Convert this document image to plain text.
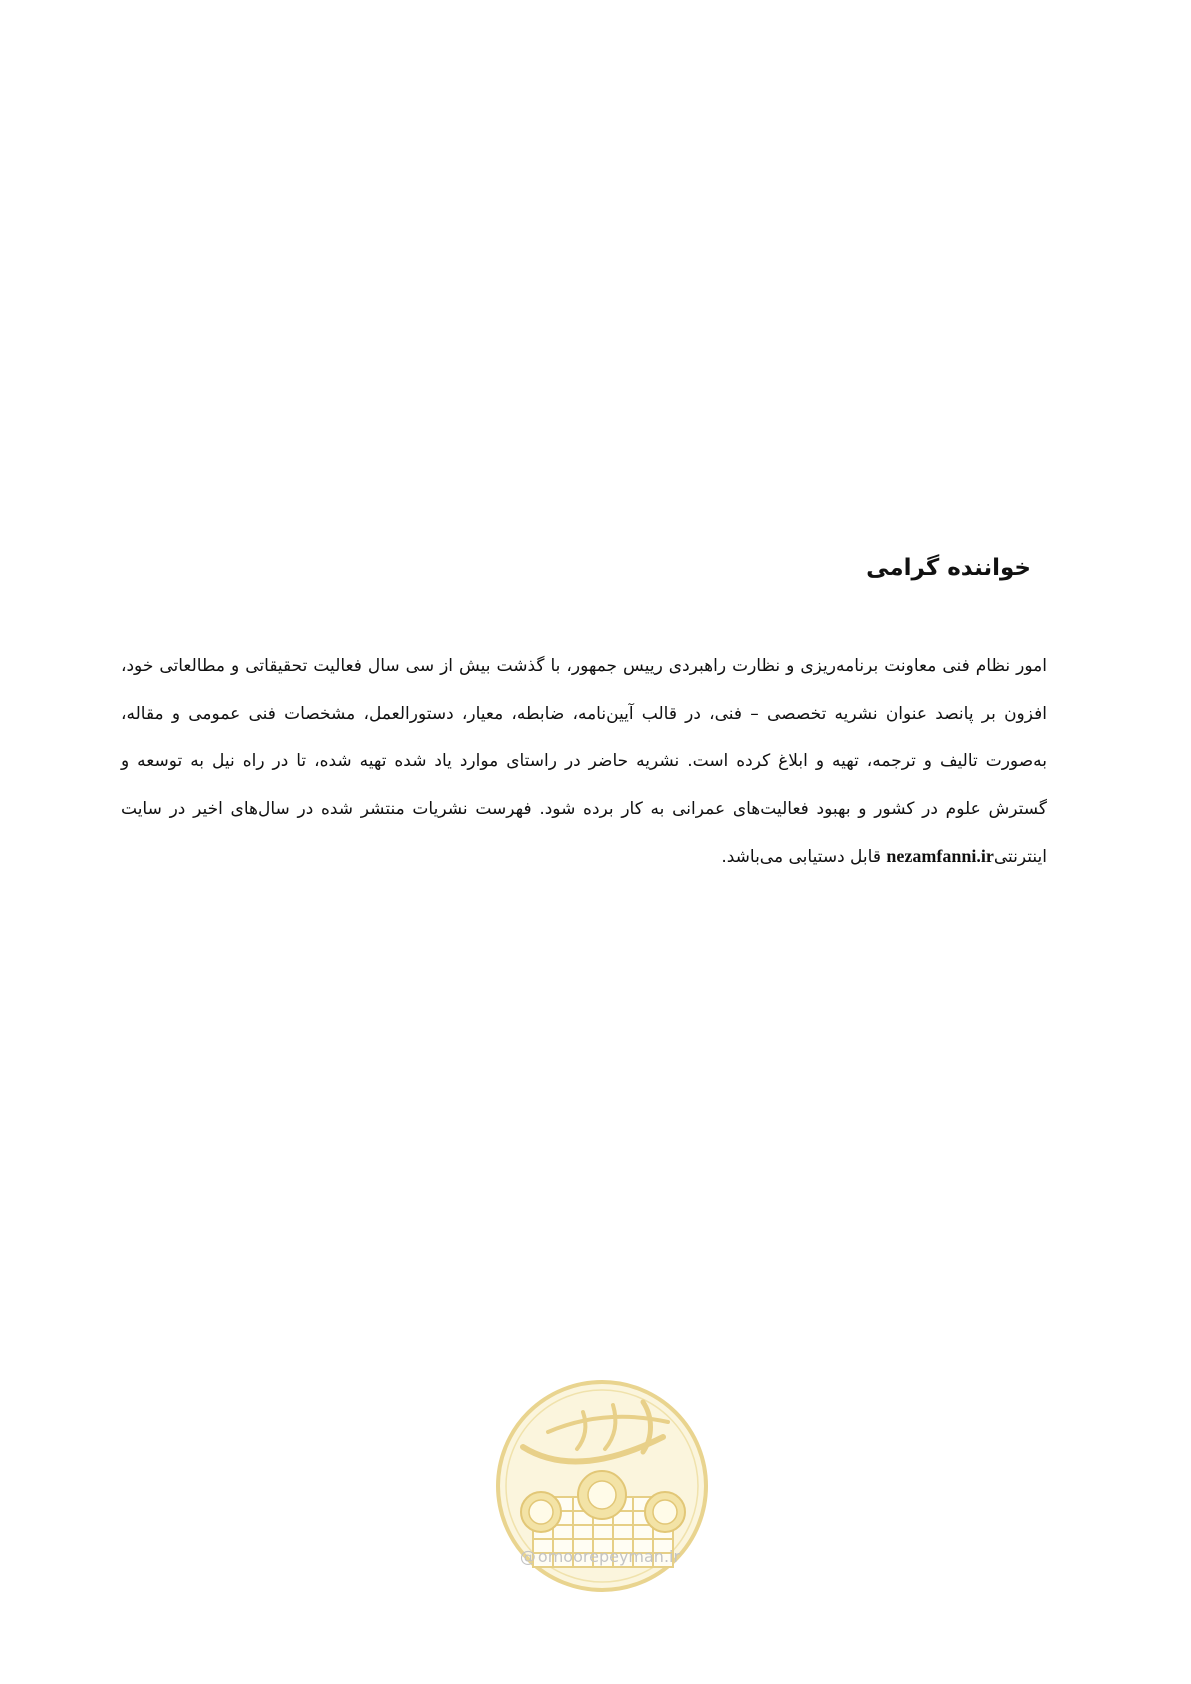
خواننده گرامی

امور نظام فنی معاونت برنامه‌ریزی و نظارت راهبردی رییس جمهور، با گذشت بیش از سی سال فعالیت تحقیقاتی و مطالعاتی خود، افزون بر پانصد عنوان نشریه تخصصی – فنی، در قالب آیین‌نامه، ضابطه، معیار، دستورالعمل، مشخصات فنی عمومی و مقاله، به‌صورت تالیف و ترجمه، تهیه و ابلاغ کرده است. نشریه حاضر در راستای موارد یاد شده تهیه شده، تا در راه نیل به توسعه و گسترش علوم در کشور و بهبود فعالیت‌های عمرانی به کار برده شود. فهرست نشریات منتشر شده در سال‌های اخیر در سایت اینترنتیnezamfanni.ir قابل دستیابی می‌باشد.

@ omoorepeyman.ir
